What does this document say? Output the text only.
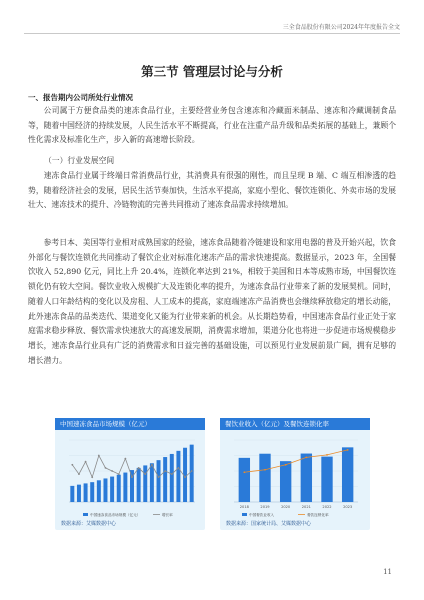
三全食品股份有限公司2024年年度报告全文
第三节 管理层讨论与分析
一、报告期内公司所处行业情况

公司属于方便食品类的速冻食品行业，主要经营业务包含速冻和冷藏面米制品、速冻和冷藏调制食品等，随着中国经济的持续发展，人民生活水平不断提高，行业在注重产品升级和品类拓展的基础上，兼顾个性化需求及标准化生产，步入新的高速增长阶段。

（一）行业发展空间

速冻食品行业属于终端日常消费品行业，其消费具有很强的刚性，而且呈现 B 端、C 端互相渗透的趋势，随着经济社会的发展，居民生活节奏加快，生活水平提高，家庭小型化、餐饮连锁化、外卖市场的发展壮大、速冻技术的提升、冷链物流的完善共同推动了速冻食品需求持续增加。

参考日本、美国等行业相对成熟国家的经验，速冻食品随着冷链建设和家用电器的普及开始兴起，饮食外部化与餐饮连锁化共同推动了餐饮企业对标准化速冻产品的需求快速提高。数据显示，2023 年，全国餐饮收入 52,890 亿元，同比上升 20.4%，连锁化率达到 21%，相较于美国和日本等成熟市场，中国餐饮连锁化仍有较大空间。餐饮业收入规模扩大及连锁化率的提升，为速冻食品行业带来了新的发展契机。同时，随着人口年龄结构的变化以及房租、人工成本的提高，家庭端速冻产品消费也会继续释放稳定的增长动能，此外速冻食品的品类迭代、渠道变化又能为行业带来新的机会。从长期趋势看，中国速冻食品行业正处于家庭需求稳步释放、餐饮需求快速放大的高速发展期，消费需求增加，渠道分化也将进一步促进市场规模稳步增长，速冻食品行业具有广泛的消费需求和日益完善的基础设施，可以预见行业发展前景广阔，拥有足够的增长潜力。

中国速冻食品市场规模（亿元）
中国速冻食品市场规模（亿元）	增长率
数据来源：艾媒数据中心
餐饮业收入（亿元）及餐饮连锁化率
2018	2019	2020	2021	2022	2023
中国餐饮业收入	餐饮连锁化率
数据来源：国家统计局、艾媒数据中心
11
